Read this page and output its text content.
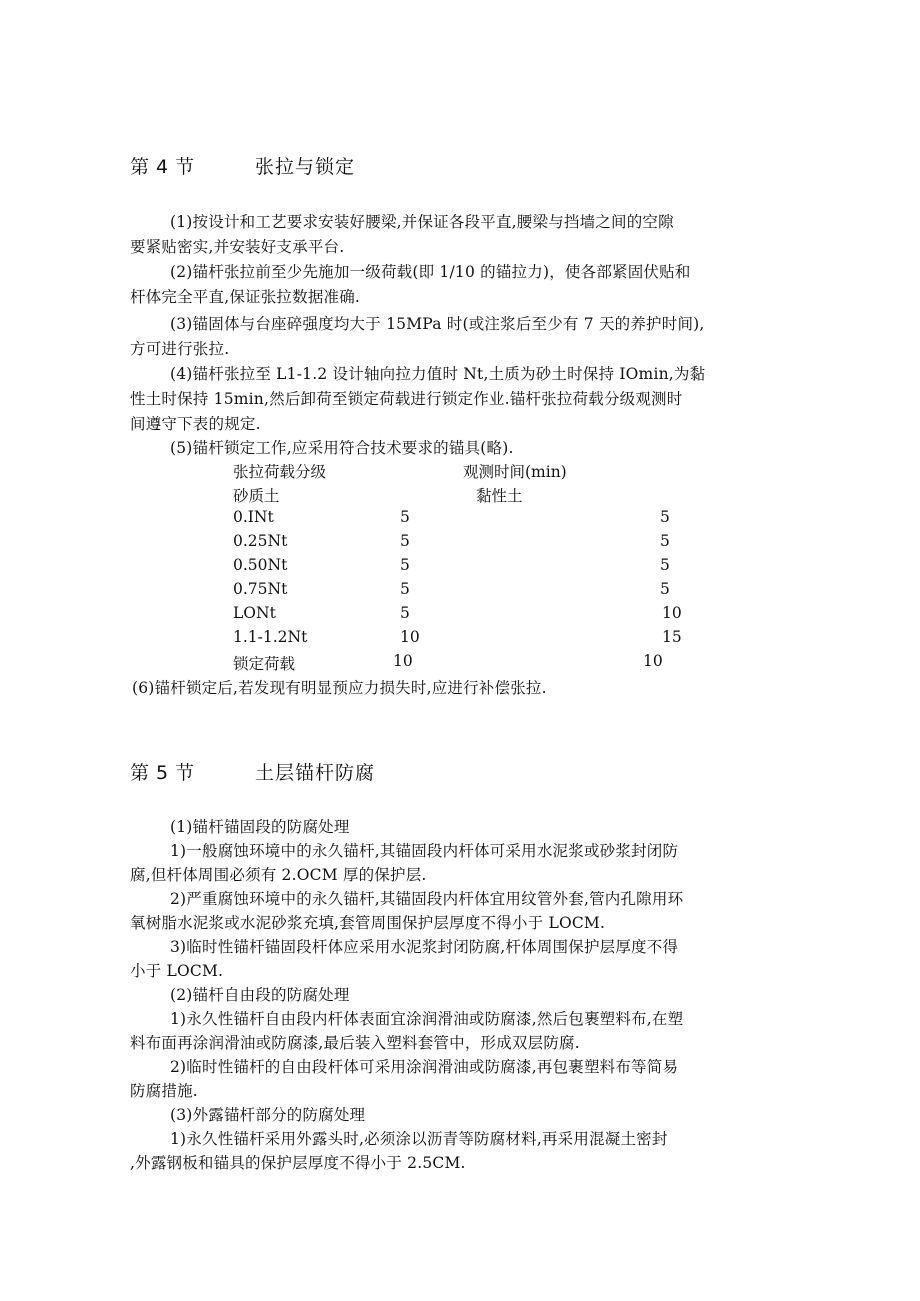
第 4 节	张拉与锁定
(1)按设计和工艺要求安装好腰梁,并保证各段平直,腰梁与挡墙之间的空隙
要紧贴密实,并安装好支承平台.
(2)锚杆张拉前至少先施加一级荷载(即 1/10 的锚拉力)，使各部紧固伏贴和
杆体完全平直,保证张拉数据准确.
(3)锚固体与台座碎强度均大于 15MPa 时(或注浆后至少有 7 天的养护时间),
方可进行张拉.
(4)锚杆张拉至 L1-1.2 设计轴向拉力值时 Nt,土质为砂土时保持 IOmin,为黏
性土时保持 15min,然后卸荷至锁定荷载进行锁定作业.锚杆张拉荷载分级观测时
间遵守下表的规定.
(5)锚杆锁定工作,应采用符合技术要求的锚具(略).
张拉荷载分级	观测时间(min)
砂质土	黏性土
0.INt	5	5
0.25Nt	5	5
0.50Nt	5	5
0.75Nt	5	5
LONt	5	10
1.1-1.2Nt	10	15
锁定荷载	10	10
(6)锚杆锁定后,若发现有明显预应力损失时,应进行补偿张拉.
第 5 节	土层锚杆防腐
(1)锚杆锚固段的防腐处理
1)一般腐蚀环境中的永久锚杆,其锚固段内杆体可采用水泥浆或砂浆封闭防
腐,但杆体周围必须有 2.OCM 厚的保护层.
2)严重腐蚀环境中的永久锚杆,其锚固段内杆体宜用纹管外套,管内孔隙用环
氧树脂水泥浆或水泥砂浆充填,套管周围保护层厚度不得小于 LOCM.
3)临时性锚杆锚固段杆体应采用水泥浆封闭防腐,杆体周围保护层厚度不得
小于 LOCM.
(2)锚杆自由段的防腐处理
1)永久性锚杆自由段内杆体表面宜涂润滑油或防腐漆,然后包裹塑料布,在塑
料布面再涂润滑油或防腐漆,最后装入塑料套管中，形成双层防腐.
2)临时性锚杆的自由段杆体可采用涂润滑油或防腐漆,再包裹塑料布等简易
防腐措施.
(3)外露锚杆部分的防腐处理
1)永久性锚杆采用外露头时,必须涂以沥青等防腐材料,再采用混凝土密封
,外露钢板和锚具的保护层厚度不得小于 2.5CM.
